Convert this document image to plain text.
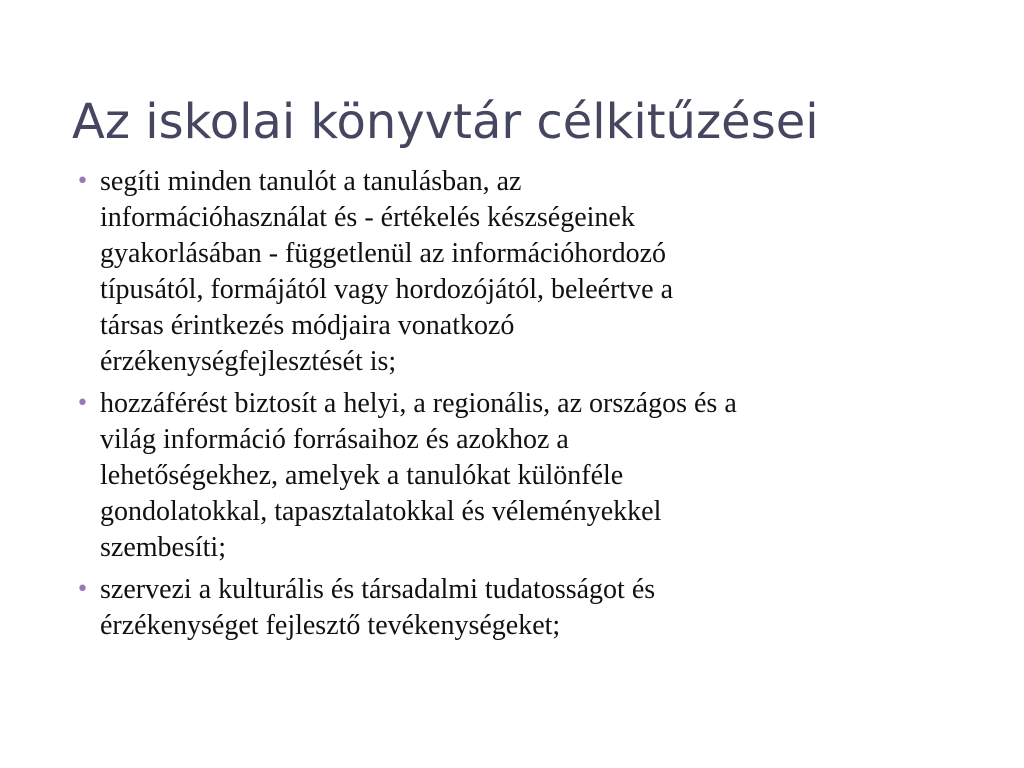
Az iskolai könyvtár célkitűzései
• segíti minden tanulót a tanulásban, az
információhasználat és - értékelés készségeinek
gyakorlásában - függetlenül az információhordozó
típusától, formájától vagy hordozójától, beleértve a
társas érintkezés módjaira vonatkozó
érzékenységfejlesztését is;
• hozzáférést biztosít a helyi, a regionális, az országos és a
világ információ forrásaihoz és azokhoz a
lehetőségekhez, amelyek a tanulókat különféle
gondolatokkal, tapasztalatokkal és véleményekkel
szembesíti;
• szervezi a kulturális és társadalmi tudatosságot és
érzékenységet fejlesztő tevékenységeket;
